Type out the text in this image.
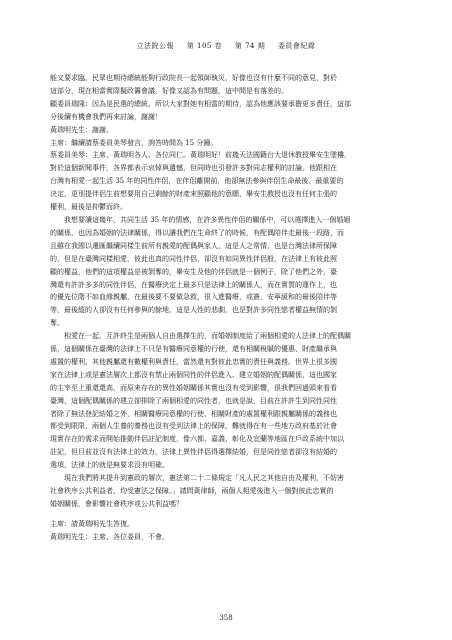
立法院公報 第 105 卷 第 74 期 委員會紀錄
能又要求臨，民眾也期待總統能夠行政院長一起領師執災，好像也沒有什麼不同的意見，對於
這部分，現在相當實際擬政籌會議，好像又認為有問題，這中間是有落差的。
顧委員瑞隆：因為是民選的總統，所以大家對她有相當的期待，認為他應該要承擔更多責任，這部
分後續有機會我們再來討論，謝謝！
黃瑞明先生：謝謝。
主席：繼續請蔡委員美琴發言，詢答時間為 15 分鐘。
蔡委員美琴：主席、黃瑞明各人、各位同仁。黃瑞明好！前幾天法國籍台大退休教授畢安生墜樓，
對於這個新聞事件，各界都表示哀悼與遺憾，但同時也引發許多對同志權利的討論。他跟相在
台灣有相愛一起生活 35 年的同性伴侶，在伴侶離開前，他卻無法參與伴侶生命最後、最重要的
決定，更別提伴侶生前想要用自己剩餘的財產來照顧他的意願，畢安生教授也沒有任何主張的
權利，最後是抑鬱而終。
我想要讀這幾年，共同生活 35 年的情感，在許多異性伴侶的關係中，可以選擇進入一個婚姻
的關係，也因為婚姻的法律關係，得以讓我們在生命終了的時候，有配偶陪伴走最後一段路，而
且雖在我國以遷匯繼續同樣生前所有親愛的配偶與家人，這是人之常情，也是台灣法律所保障
的，但是在臺灣同樣相愛，彼此也真的同性伴侶，卻沒有如同異性伴侶般，在法律上有彼此照
顧的權益，他們的這項權益是被剝奪的，畢安生及他的伴侶就是一個例子，除了他們之外，臺
灣還有許許多多的同性伴侶，在醫療決定上最多只是法律上的關係人，而在實質的運作上，也
的優先位階不如血緣親屬，在最後要不要做急救，很入進醫療，或簽、安寧緩和的最後陪伴等
等，最後縱的人卻沒有任何參與的餘地，這是人性的悲劇，也是對許多同性戀者權益無情的剝
奪。
相愛在一起，互許終生是兩個人自由選擇生的，而婚姻制度給了兩個相愛的人法律上的配偶關
係，這個關係在臺灣的法律上不只是有醫療同意權的行使，還有相關稅賦的優惠、財產繼承與
處置的權利，其他親屬還有數權利與責任，當然還有對彼此忠實的責任與義務。世界上很多國
家在法律上或是憲法層次上都沒有禁止兩個同性的伴侶進入、建立婚姻的配偶關係，這也國家
的主宰至上重還還高，而原來存在的異性婚姻關係其實也沒有受到影響，很我們回過頭來看看
臺灣，這個配偶關係的建立卻排除了兩個相愛的同性者，也就是說，目前在許許生到同性同性
者除了無法登記結婚之外，相關醫療同意權的行使、相關財產的處置權利跟親屬關係的義務也
都受到限限，兩個人生養的養務也沒有受到法律上的保障，難就得在有一些地方政府基於社會
現實存在的需求而開始推動伴侶註記制度，像六都、嘉義、彰化及宜蘭等地區在戶政系統中加以
註記，但目前並沒有法律上的效力，法律上異性伴侶得選擇結婚，但是同性戀者卻沒有結婚的
選項，法律上的就是無要求沒有明確。
現在我們將其提升到憲政的層次，憲法第二十二條規定「凡人民之其他自由及權利，不妨害
社會秩序公共利益者，均受憲法之保障。」請問黃律師，兩個人相愛後進入一個對彼此忠實的
婚姻關係，會影響社會秩序或公共利益嗎？
主席：請黃瑞明先生答復。
黃瑞明先生：主席、各位委員，不會。
358
